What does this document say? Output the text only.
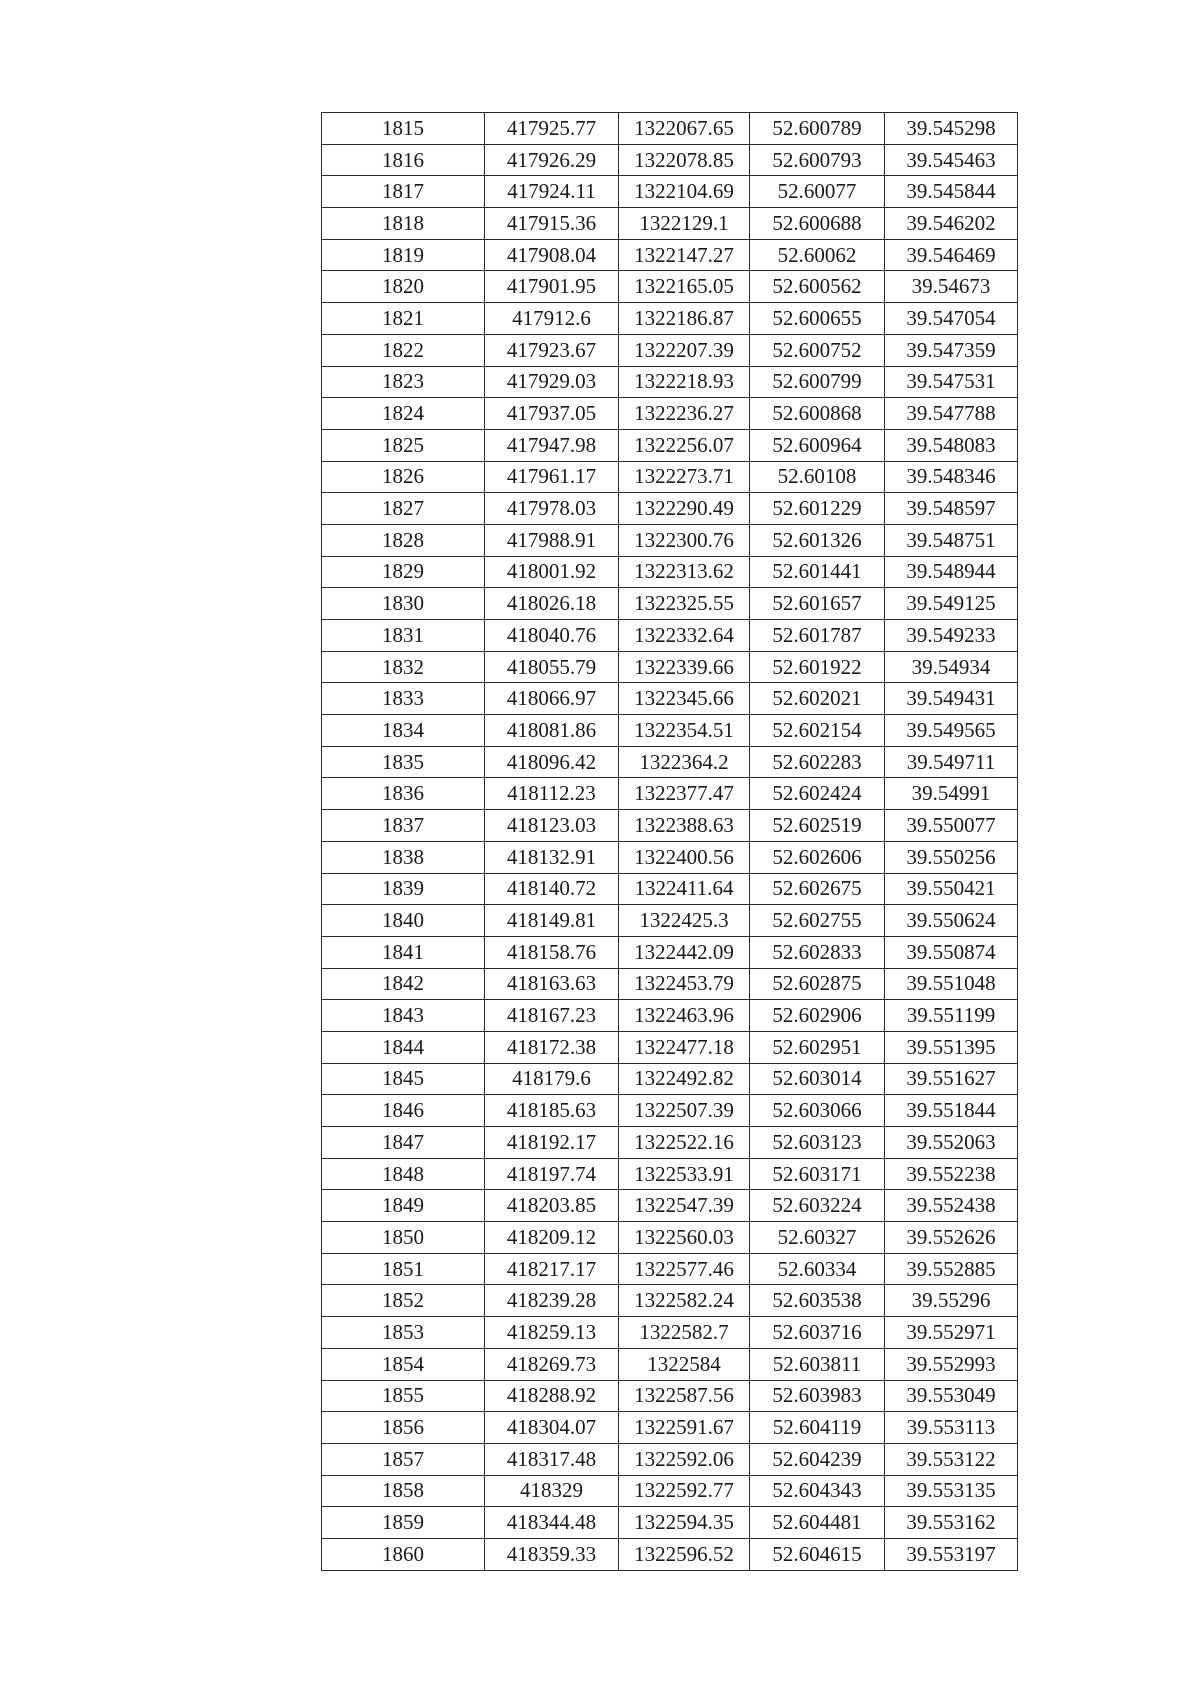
1815	417925.77	1322067.65	52.600789	39.545298
1816	417926.29	1322078.85	52.600793	39.545463
1817	417924.11	1322104.69	52.60077	39.545844
1818	417915.36	1322129.1	52.600688	39.546202
1819	417908.04	1322147.27	52.60062	39.546469
1820	417901.95	1322165.05	52.600562	39.54673
1821	417912.6	1322186.87	52.600655	39.547054
1822	417923.67	1322207.39	52.600752	39.547359
1823	417929.03	1322218.93	52.600799	39.547531
1824	417937.05	1322236.27	52.600868	39.547788
1825	417947.98	1322256.07	52.600964	39.548083
1826	417961.17	1322273.71	52.60108	39.548346
1827	417978.03	1322290.49	52.601229	39.548597
1828	417988.91	1322300.76	52.601326	39.548751
1829	418001.92	1322313.62	52.601441	39.548944
1830	418026.18	1322325.55	52.601657	39.549125
1831	418040.76	1322332.64	52.601787	39.549233
1832	418055.79	1322339.66	52.601922	39.54934
1833	418066.97	1322345.66	52.602021	39.549431
1834	418081.86	1322354.51	52.602154	39.549565
1835	418096.42	1322364.2	52.602283	39.549711
1836	418112.23	1322377.47	52.602424	39.54991
1837	418123.03	1322388.63	52.602519	39.550077
1838	418132.91	1322400.56	52.602606	39.550256
1839	418140.72	1322411.64	52.602675	39.550421
1840	418149.81	1322425.3	52.602755	39.550624
1841	418158.76	1322442.09	52.602833	39.550874
1842	418163.63	1322453.79	52.602875	39.551048
1843	418167.23	1322463.96	52.602906	39.551199
1844	418172.38	1322477.18	52.602951	39.551395
1845	418179.6	1322492.82	52.603014	39.551627
1846	418185.63	1322507.39	52.603066	39.551844
1847	418192.17	1322522.16	52.603123	39.552063
1848	418197.74	1322533.91	52.603171	39.552238
1849	418203.85	1322547.39	52.603224	39.552438
1850	418209.12	1322560.03	52.60327	39.552626
1851	418217.17	1322577.46	52.60334	39.552885
1852	418239.28	1322582.24	52.603538	39.55296
1853	418259.13	1322582.7	52.603716	39.552971
1854	418269.73	1322584	52.603811	39.552993
1855	418288.92	1322587.56	52.603983	39.553049
1856	418304.07	1322591.67	52.604119	39.553113
1857	418317.48	1322592.06	52.604239	39.553122
1858	418329	1322592.77	52.604343	39.553135
1859	418344.48	1322594.35	52.604481	39.553162
1860	418359.33	1322596.52	52.604615	39.553197
